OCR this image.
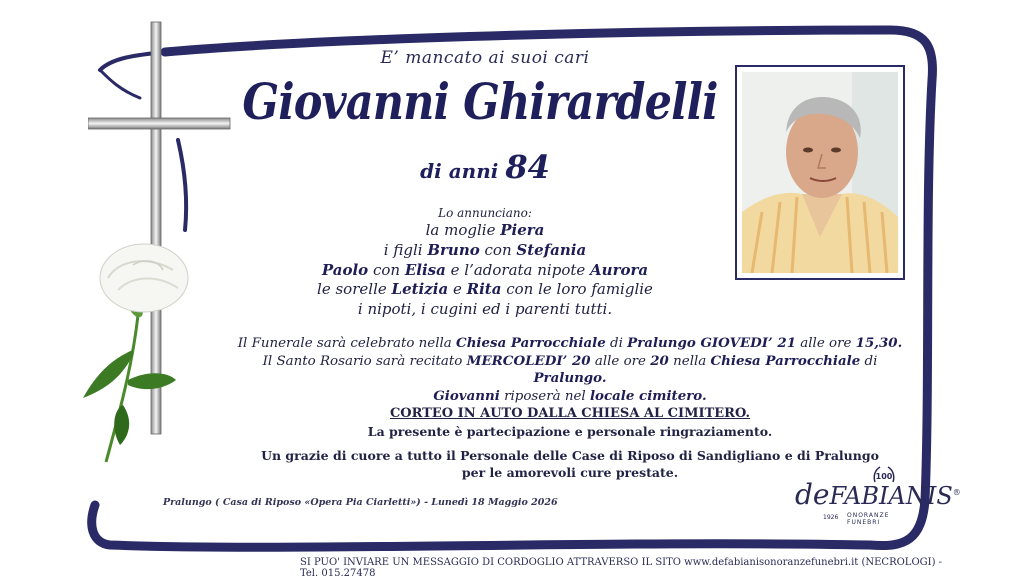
E’ mancato ai suoi cari
Giovanni Ghirardelli
di anni 84
Lo annunciano:
la moglie Piera
i figli Bruno con Stefania
Paolo con Elisa e l’adorata nipote Aurora
le sorelle Letizia e Rita con le loro famiglie
i nipoti, i cugini ed i parenti tutti.
Il Funerale sarà celebrato nella Chiesa Parrocchiale di Pralungo GIOVEDI’ 21 alle ore 15,30.
Il Santo Rosario sarà recitato MERCOLEDI’ 20 alle ore 20 nella Chiesa Parrocchiale di Pralungo.
Giovanni riposerà nel locale cimitero.
CORTEO IN AUTO DALLA CHIESA AL CIMITERO.
La presente è partecipazione e personale ringraziamento.
Un grazie di cuore a tutto il Personale delle Case di Riposo di Sandigliano e di Pralungo
per le amorevoli cure prestate.
Pralungo ( Casa di Riposo «Opera Pia Ciarletti») - Lunedì 18 Maggio 2026	deFABIANIS®
1926 ONORANZE FUNEBRI
100
SI PUO' INVIARE UN MESSAGGIO DI CORDOGLIO ATTRAVERSO IL SITO www.defabianisonoranzefunebri.it (NECROLOGI) - Tel. 015.27478
